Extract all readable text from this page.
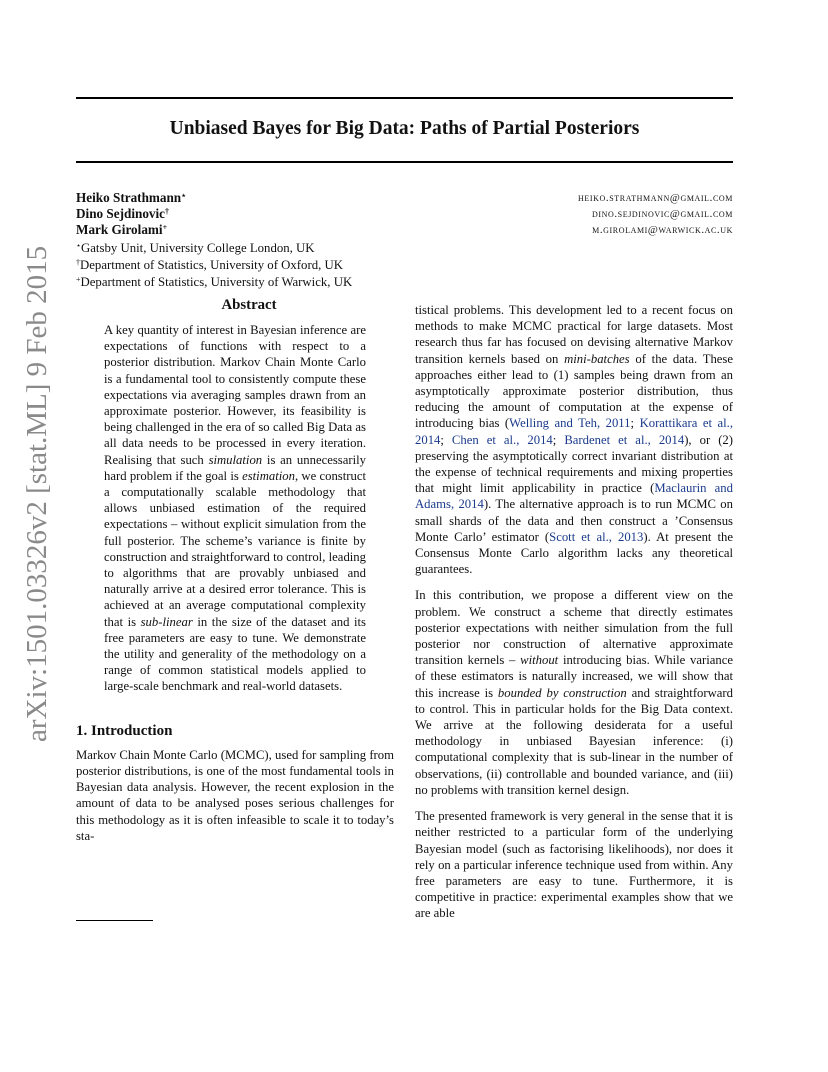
arXiv:1501.03326v2 [stat.ML] 9 Feb 2015
Unbiased Bayes for Big Data: Paths of Partial Posteriors
Heiko Strathmann⋆
Dino Sejdinovic†
Mark Girolami+
heiko.strathmann@gmail.com
dino.sejdinovic@gmail.com
m.girolami@warwick.ac.uk
⋆Gatsby Unit, University College London, UK
†Department of Statistics, University of Oxford, UK
+Department of Statistics, University of Warwick, UK
Abstract

A key quantity of interest in Bayesian inference are expectations of functions with respect to a posterior distribution. Markov Chain Monte Carlo is a fundamental tool to consistently compute these expectations via averaging samples drawn from an approximate posterior. However, its feasibility is being challenged in the era of so called Big Data as all data needs to be processed in every iteration. Realising that such simulation is an unnecessarily hard problem if the goal is estimation, we construct a computationally scalable methodology that allows unbiased estimation of the required expectations – without explicit simulation from the full posterior. The scheme’s variance is finite by construction and straightforward to control, leading to algorithms that are provably unbiased and naturally arrive at a desired error tolerance. This is achieved at an average computational complexity that is sub-linear in the size of the dataset and its free parameters are easy to tune. We demonstrate the utility and generality of the methodology on a range of common statistical models applied to large-scale benchmark and real-world datasets.

1. Introduction

Markov Chain Monte Carlo (MCMC), used for sampling from posterior distributions, is one of the most fundamental tools in Bayesian data analysis. However, the recent explosion in the amount of data to be analysed poses serious challenges for this methodology as it is often infeasible to scale it to today’s sta-

tistical problems. This development led to a recent focus on methods to make MCMC practical for large datasets. Most research thus far has focused on devising alternative Markov transition kernels based on mini-batches of the data. These approaches either lead to (1) samples being drawn from an asymptotically approximate posterior distribution, thus reducing the amount of computation at the expense of introducing bias (Welling and Teh, 2011; Korattikara et al., 2014; Chen et al., 2014; Bardenet et al., 2014), or (2) preserving the asymptotically correct invariant distribution at the expense of technical requirements and mixing properties that might limit applicability in practice (Maclaurin and Adams, 2014). The alternative approach is to run MCMC on small shards of the data and then construct a ’Consensus Monte Carlo’ estimator (Scott et al., 2013). At present the Consensus Monte Carlo algorithm lacks any theoretical guarantees.

In this contribution, we propose a different view on the problem. We construct a scheme that directly estimates posterior expectations with neither simulation from the full posterior nor construction of alternative approximate transition kernels – without introducing bias. While variance of these estimators is naturally increased, we will show that this increase is bounded by construction and straightforward to control. This in particular holds for the Big Data context. We arrive at the following desiderata for a useful methodology in unbiased Bayesian inference: (i) computational complexity that is sub-linear in the number of observations, (ii) controllable and bounded variance, and (iii) no problems with transition kernel design.

The presented framework is very general in the sense that it is neither restricted to a particular form of the underlying Bayesian model (such as factorising likelihoods), nor does it rely on a particular inference technique used from within. Any free parameters are easy to tune. Furthermore, it is competitive in practice: experimental examples show that we are able
